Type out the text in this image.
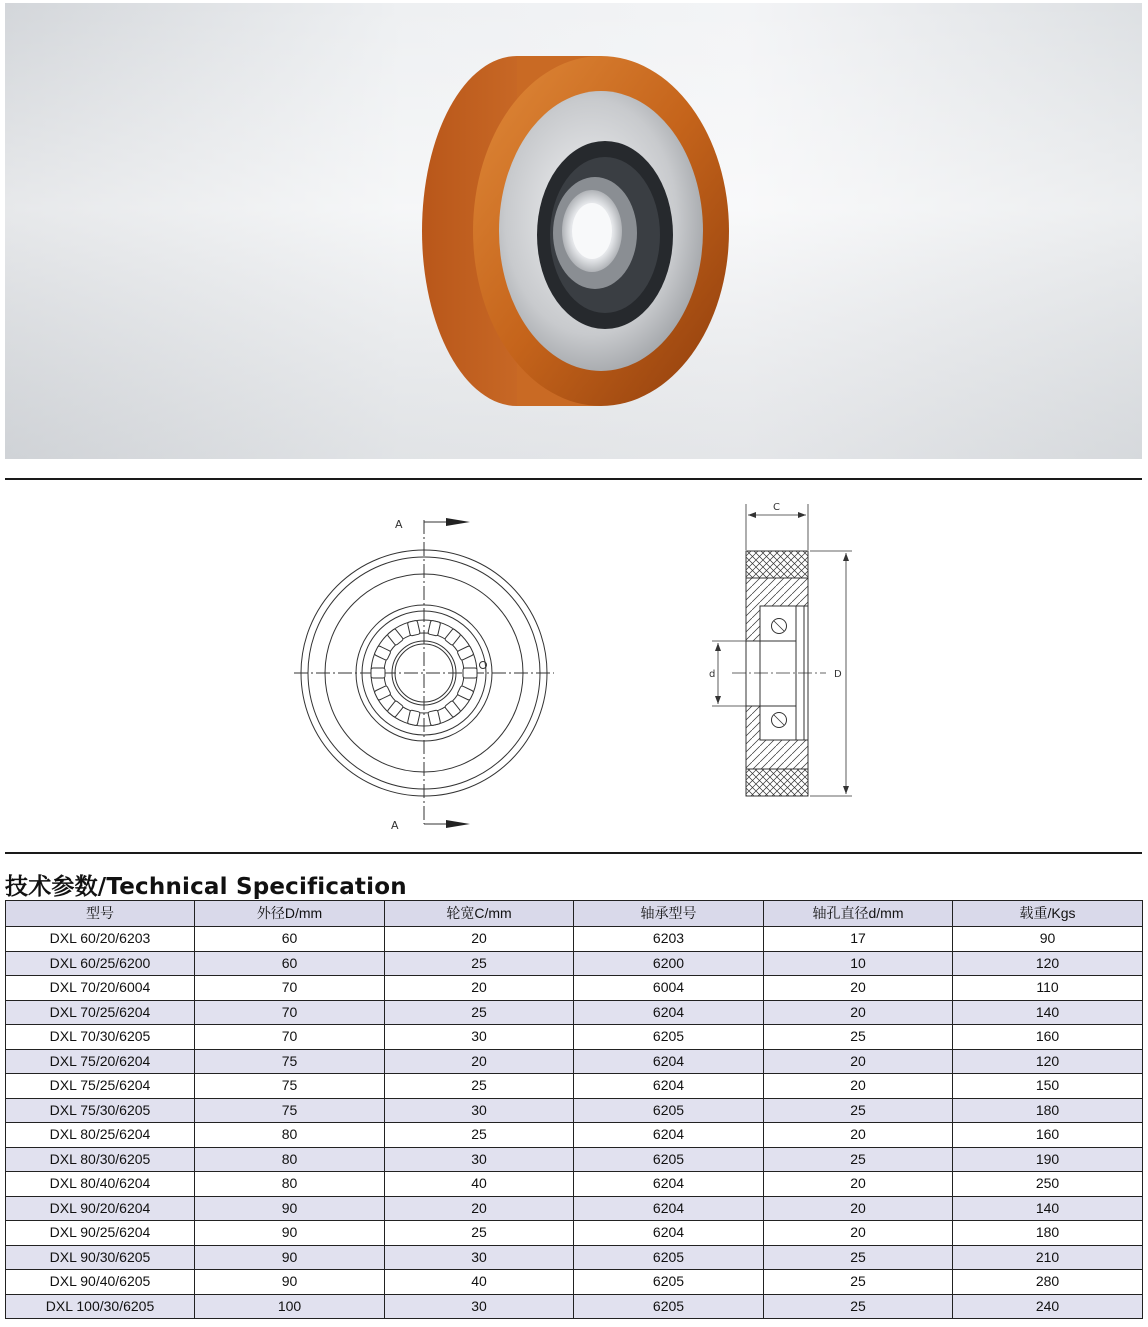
A
A
C
d	D
技术参数/Technical Specification
型号	外径D/mm	轮宽C/mm	轴承型号	轴孔直径d/mm	载重/Kgs
DXL 60/20/6203	60	20	6203	17	90
DXL 60/25/6200	60	25	6200	10	120
DXL 70/20/6004	70	20	6004	20	110
DXL 70/25/6204	70	25	6204	20	140
DXL 70/30/6205	70	30	6205	25	160
DXL 75/20/6204	75	20	6204	20	120
DXL 75/25/6204	75	25	6204	20	150
DXL 75/30/6205	75	30	6205	25	180
DXL 80/25/6204	80	25	6204	20	160
DXL 80/30/6205	80	30	6205	25	190
DXL 80/40/6204	80	40	6204	20	250
DXL 90/20/6204	90	20	6204	20	140
DXL 90/25/6204	90	25	6204	20	180
DXL 90/30/6205	90	30	6205	25	210
DXL 90/40/6205	90	40	6205	25	280
DXL 100/30/6205	100	30	6205	25	240
